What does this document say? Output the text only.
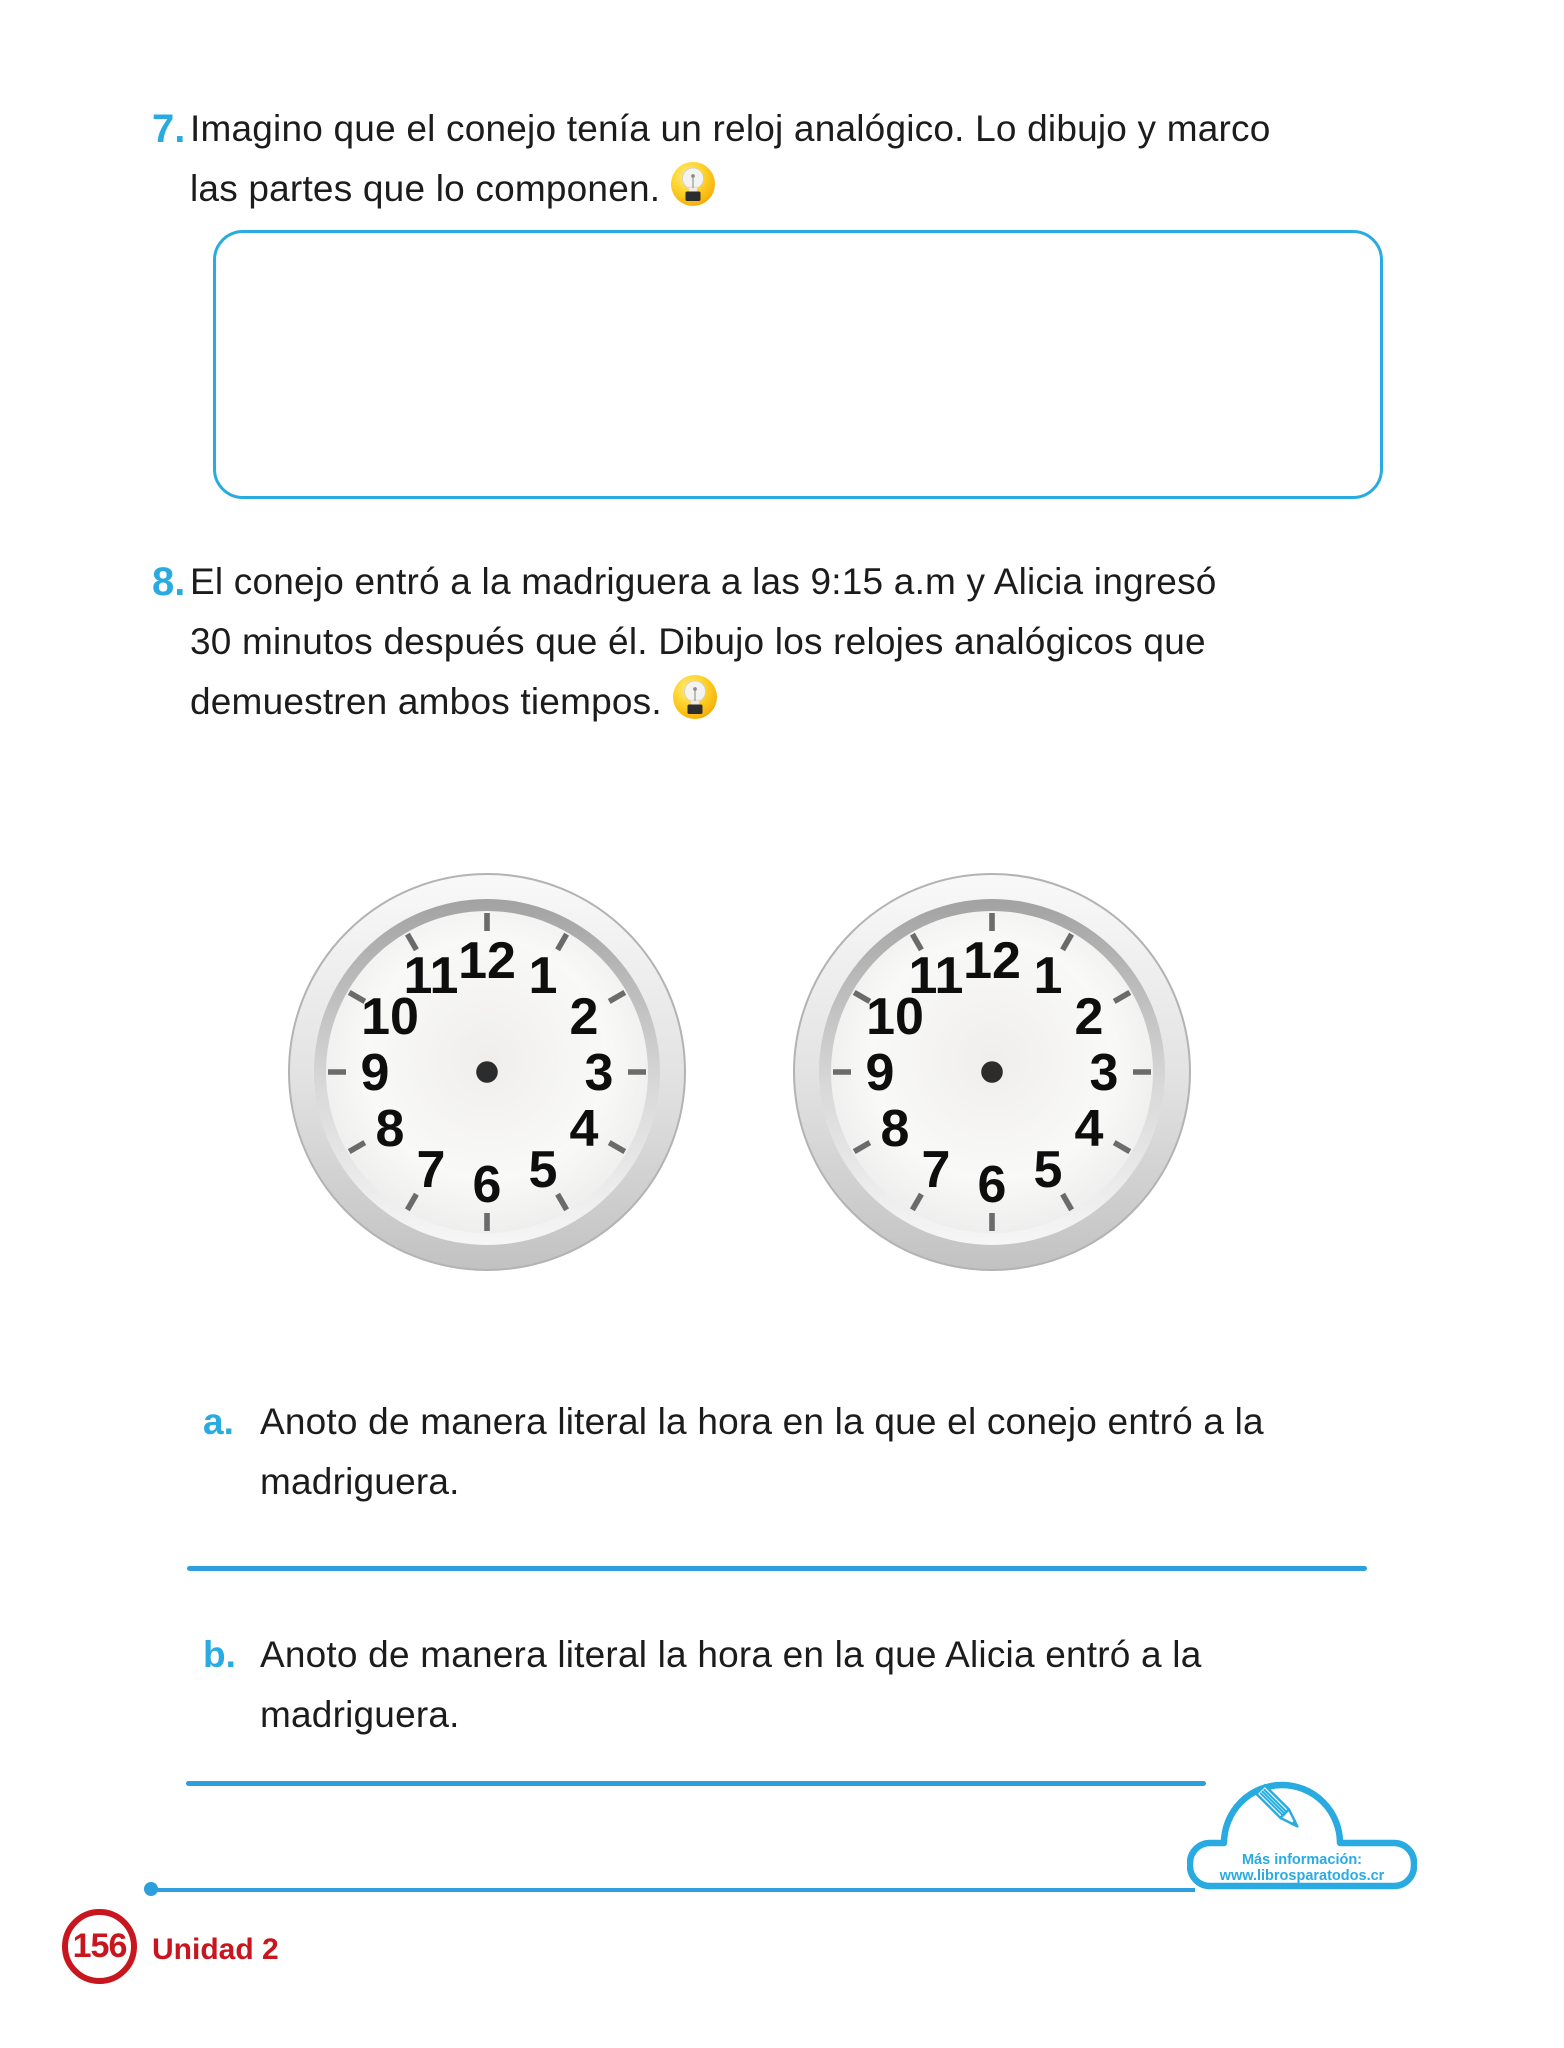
7. Imagino que el conejo tenía un reloj analógico. Lo dibujo y marco
las partes que lo componen.
8. El conejo entró a la madriguera a las 9:15 a.m y Alicia ingresó
30 minutos después que él. Dibujo los relojes analógicos que
demuestren ambos tiempos.
12 1
2
3
4
5
6
7
8
9
10
11	12 1
2
3
4
5
6
7
8
9
10
11
a. Anoto de manera literal la hora en la que el conejo entró a la
madriguera.
b. Anoto de manera literal la hora en la que Alicia entró a la
madriguera.
Más información:
www.librosparatodos.cr
156 Unidad 2
